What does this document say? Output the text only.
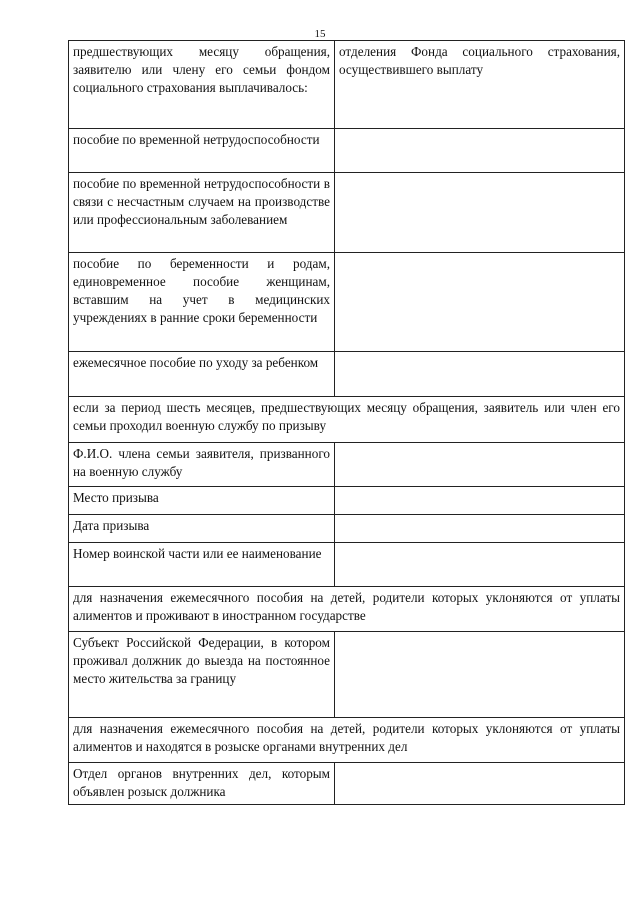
15
предшествующих месяцу обращения, заявителю или члену его семьи фондом социального страхования выплачивалось:	отделения Фонда социального страхования, осуществившего выплату
пособие по временной нетрудоспособности	
пособие по временной нетрудоспособности в связи с несчастным случаем на производстве или профессиональным заболеванием	
пособие по беременности и родам, единовременное пособие женщинам, вставшим на учет в медицинских учреждениях в ранние сроки беременности	
ежемесячное пособие по уходу за ребенком	
если за период шесть месяцев, предшествующих месяцу обращения, заявитель или член его семьи проходил военную службу по призыву	
Ф.И.О. члена семьи заявителя, призванного на военную службу	
Место призыва	
Дата призыва	
Номер воинской части или ее наименование	
для назначения ежемесячного пособия на детей, родители которых уклоняются от уплаты алиментов и проживают в иностранном государстве	
Субъект Российской Федерации, в котором проживал должник до выезда на постоянное место жительства за границу	
для назначения ежемесячного пособия на детей, родители которых уклоняются от уплаты алиментов и находятся в розыске органами внутренних дел	
Отдел органов внутренних дел, которым объявлен розыск должника	
